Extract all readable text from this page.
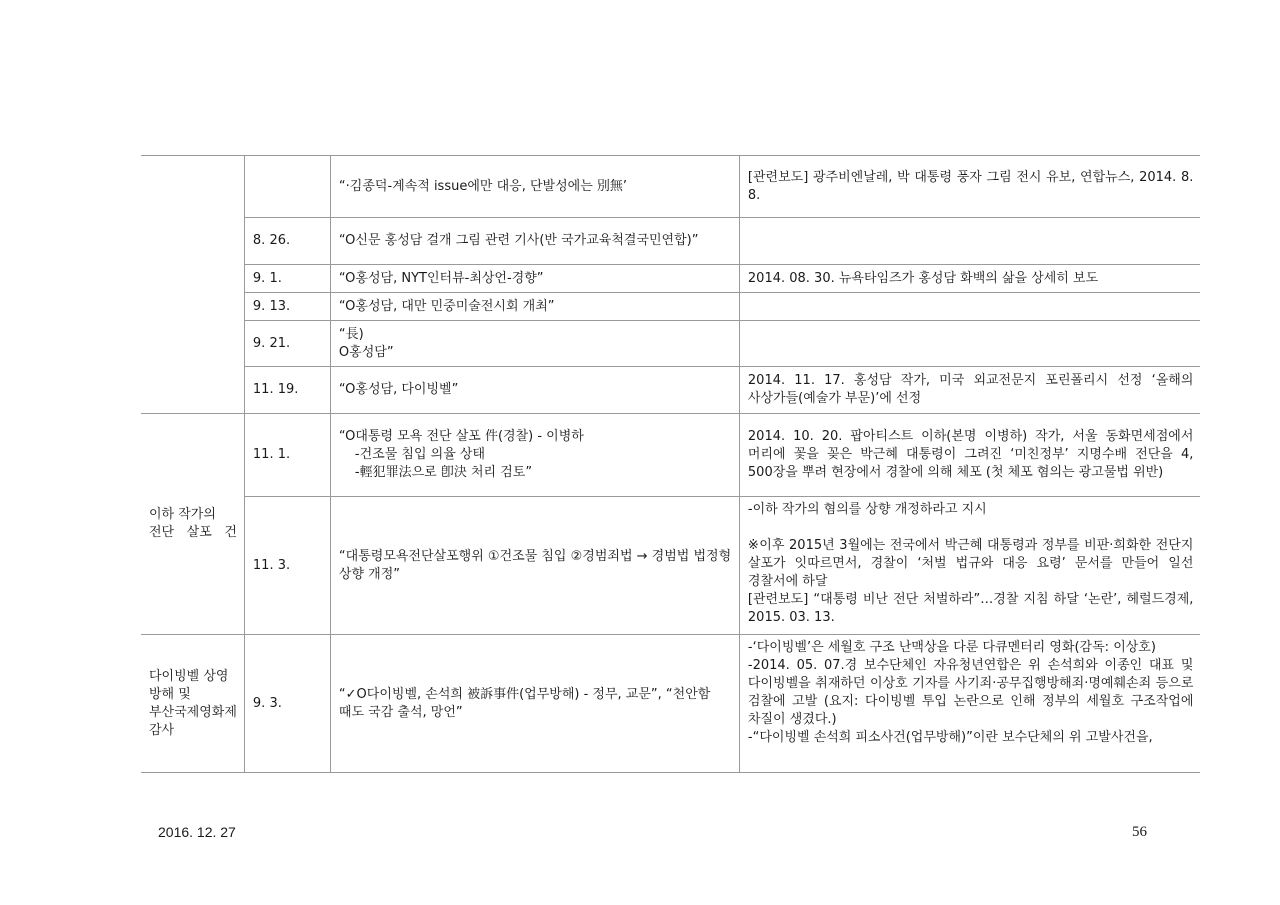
		“·김종덕-계속적 issue에만 대응, 단발성에는 別無’	[관련보도] 광주비엔날레, 박 대통령 풍자 그림 전시 유보, 연합뉴스, 2014. 8. 8.

	8. 26.	“O신문 홍성담 걸개 그림 관련 기사(반 국가교육척결국민연합)”	

	9. 1.	“O홍성담, NYT인터뷰-최상언-경향”	2014. 08. 30. 뉴욕타임즈가 홍성담 화백의 삶을 상세히 보도

	9. 13.	“O홍성담, 대만 민중미술전시회 개최”	

	9. 21.	“長)
O홍성담”	

	11. 19.	“O홍성담, 다이빙벨”	2014. 11. 17. 홍성담 작가, 미국 외교전문지 포린폴리시 선정 ‘올해의 사상가들(예술가 부문)’에 선정

이하 작가의 전단 살포 건	11. 1.	“O대통령 모욕 전단 살포 件(경찰) - 이병하
-건조물 침입 의율 상태
-輕犯罪法으로 卽決 처리 검토”	2014. 10. 20. 팝아티스트 이하(본명 이병하) 작가, 서울 동화면세점에서 머리에 꽃을 꽂은 박근혜 대통령이 그려진 ‘미친정부’ 지명수배 전단을 4, 500장을 뿌려 현장에서 경찰에 의해 체포 (첫 체포 혐의는 광고물법 위반)

	11. 3.	“대통령모욕전단살포행위 ①건조물 침입 ②경범죄법 → 경범법 법정형 상향 개정”	-이하 작가의 혐의를 상향 개정하라고 지시
※이후 2015년 3월에는 전국에서 박근혜 대통령과 정부를 비판·희화한 전단지 살포가 잇따르면서, 경찰이 ‘처벌 법규와 대응 요령’ 문서를 만들어 일선 경찰서에 하달
[관련보도] “대통령 비난 전단 처벌하라”…경찰 지침 하달 ‘논란’, 헤럴드경제, 2015. 03. 13.

다이빙벨 상영 방해 및 부산국제영화제 감사	9. 3.	“✓O다이빙벨, 손석희 被訴事件(업무방해) - 정무, 교문”, “천안함 때도 국감 출석, 망언”	-‘다이빙벨’은 세월호 구조 난맥상을 다룬 다큐멘터리 영화(감독: 이상호)
-2014. 05. 07.경 보수단체인 자유청년연합은 위 손석희와 이종인 대표 및 다이빙벨을 취재하던 이상호 기자를 사기죄·공무집행방해죄·명예훼손죄 등으로 검찰에 고발 (요지: 다이빙벨 투입 논란으로 인해 정부의 세월호 구조작업에 차질이 생겼다.)
-“다이빙벨 손석희 피소사건(업무방해)”이란 보수단체의 위 고발사건을,
2016. 12. 27	56
